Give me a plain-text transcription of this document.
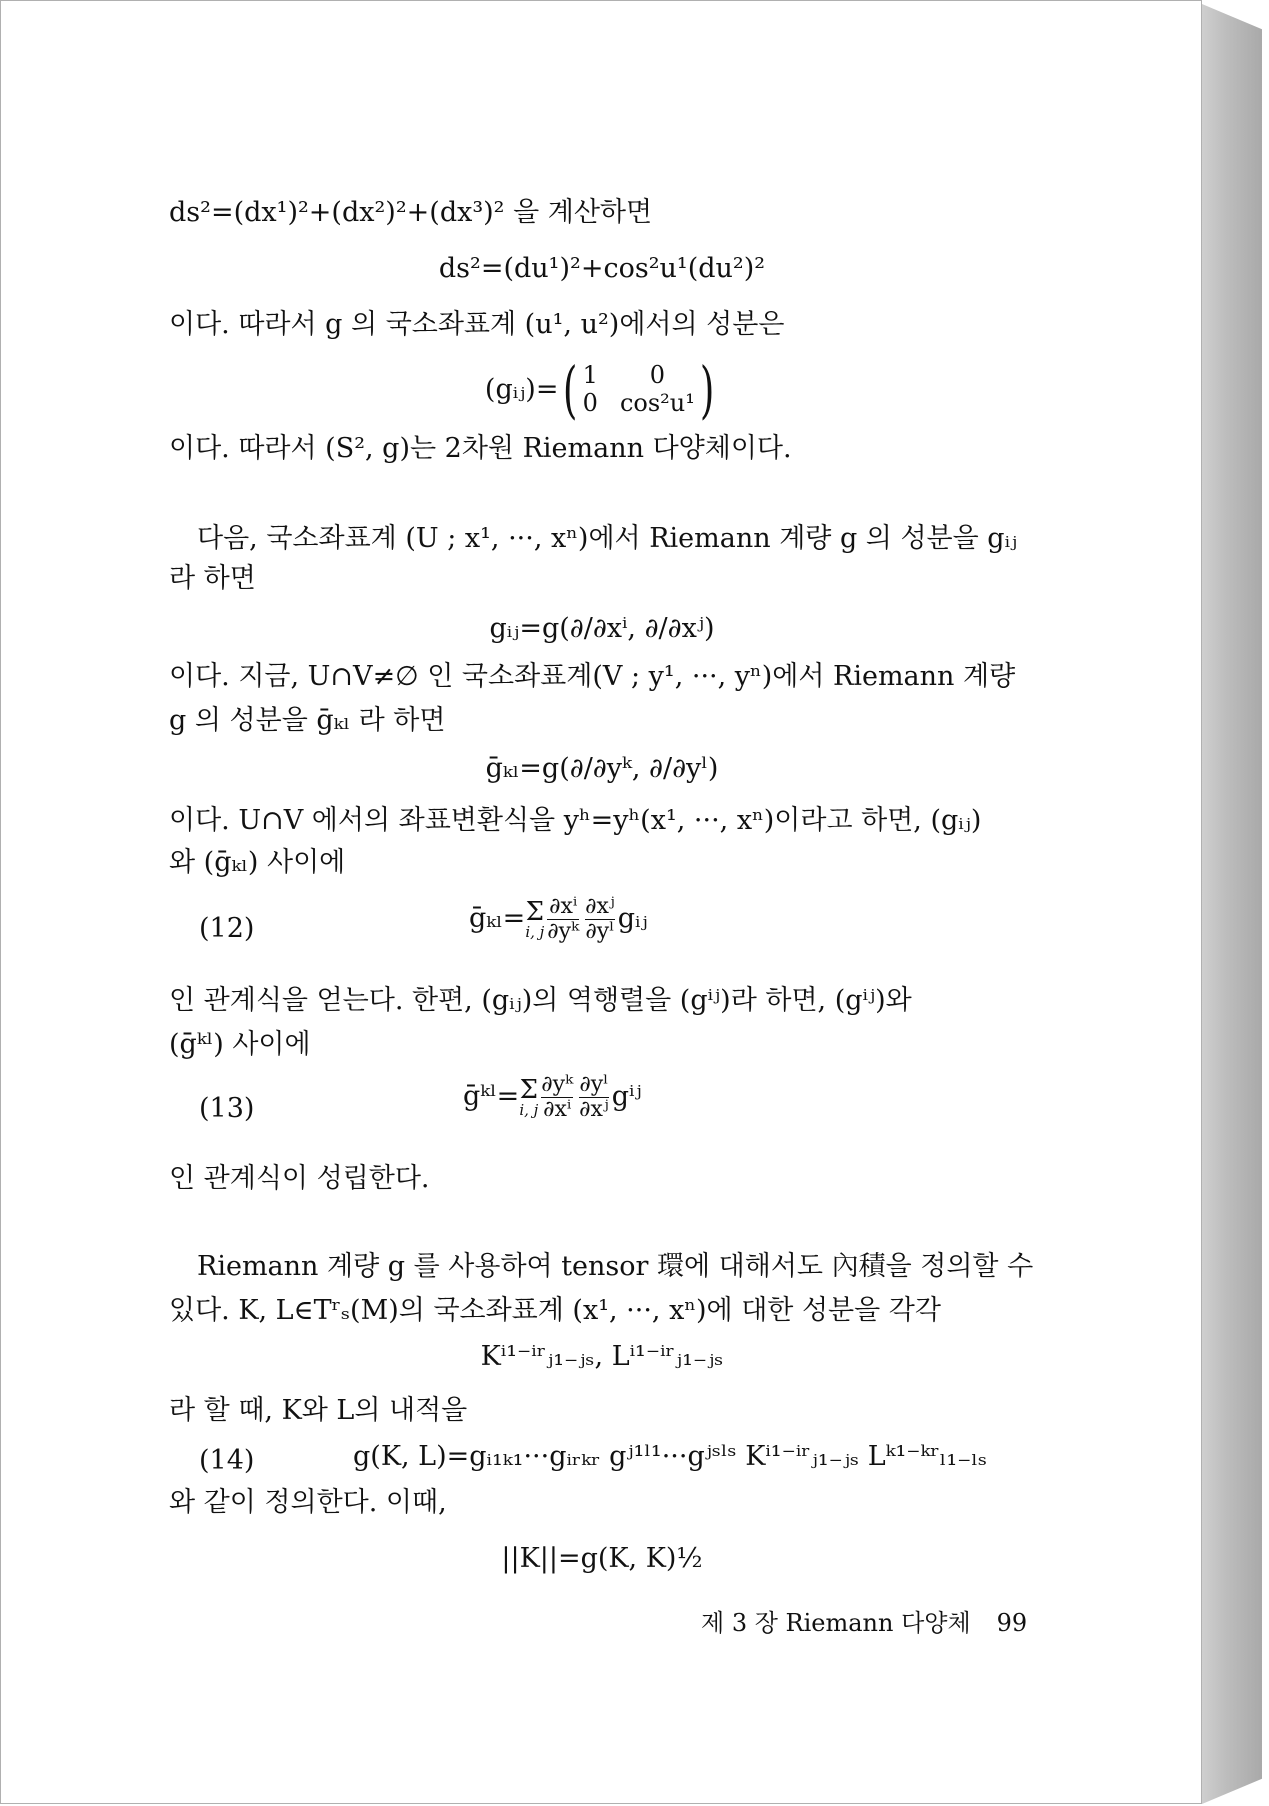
ds²=(dx¹)²+(dx²)²+(dx³)² 을 계산하면
ds²=(du¹)²+cos²u¹(du²)²
이다. 따라서 g 의 국소좌표계 (u¹, u²)에서의 성분은
(gᵢⱼ)= ( 1	0
0 cos²u¹ )
이다. 따라서 (S², g)는 2차원 Riemann 다양체이다.
다음, 국소좌표계 (U ; x¹, ···, xⁿ)에서 Riemann 계량 g 의 성분을 gᵢⱼ
라 하면
gᵢⱼ=g(∂/∂xⁱ, ∂/∂xʲ)
이다. 지금, U∩V≠∅ 인 국소좌표계(V ; y¹, ···, yⁿ)에서 Riemann 계량
g 의 성분을 ḡₖₗ 라 하면
ḡₖₗ=g(∂/∂yᵏ, ∂/∂yˡ)
이다. U∩V 에서의 좌표변환식을 yʰ=yʰ(x¹, ···, xⁿ)이라고 하면, (gᵢⱼ)
와 (ḡₖₗ) 사이에
(12)	ḡₖₗ=Σ
i, j $\frac{\text{∂xⁱ}}{\text{∂yᵏ}} \frac{\text{∂xʲ}}{\text{∂yˡ}}$ gᵢⱼ
인 관계식을 얻는다. 한편, (gᵢⱼ)의 역행렬을 (gⁱʲ)라 하면, (gⁱʲ)와
(ḡᵏˡ) 사이에
(13)	ḡᵏˡ=Σ
i, j $\frac{\text{∂yᵏ}}{\text{∂xⁱ}} \frac{\text{∂yˡ}}{\text{∂xʲ}}$ gⁱʲ
인 관계식이 성립한다.
Riemann 계량 g 를 사용하여 tensor 環에 대해서도 內積을 정의할 수
있다. K, L∈Tʳₛ(M)의 국소좌표계 (x¹, ···, xⁿ)에 대한 성분을 각각
Kⁱ¹⁻ⁱʳⱼ₁₋ⱼₛ, Lⁱ¹⁻ⁱʳⱼ₁₋ⱼₛ
라 할 때, K와 L의 내적을
(14)	g(K, L)=gᵢ₁ₖ₁···gᵢᵣₖᵣ gʲ¹ˡ¹···gʲˢˡˢ Kⁱ¹⁻ⁱʳⱼ₁₋ⱼₛ Lᵏ¹⁻ᵏʳₗ₁₋ₗₛ
와 같이 정의한다. 이때,
||K||=g(K, K)½
제 3 장 Riemann 다양체 99
